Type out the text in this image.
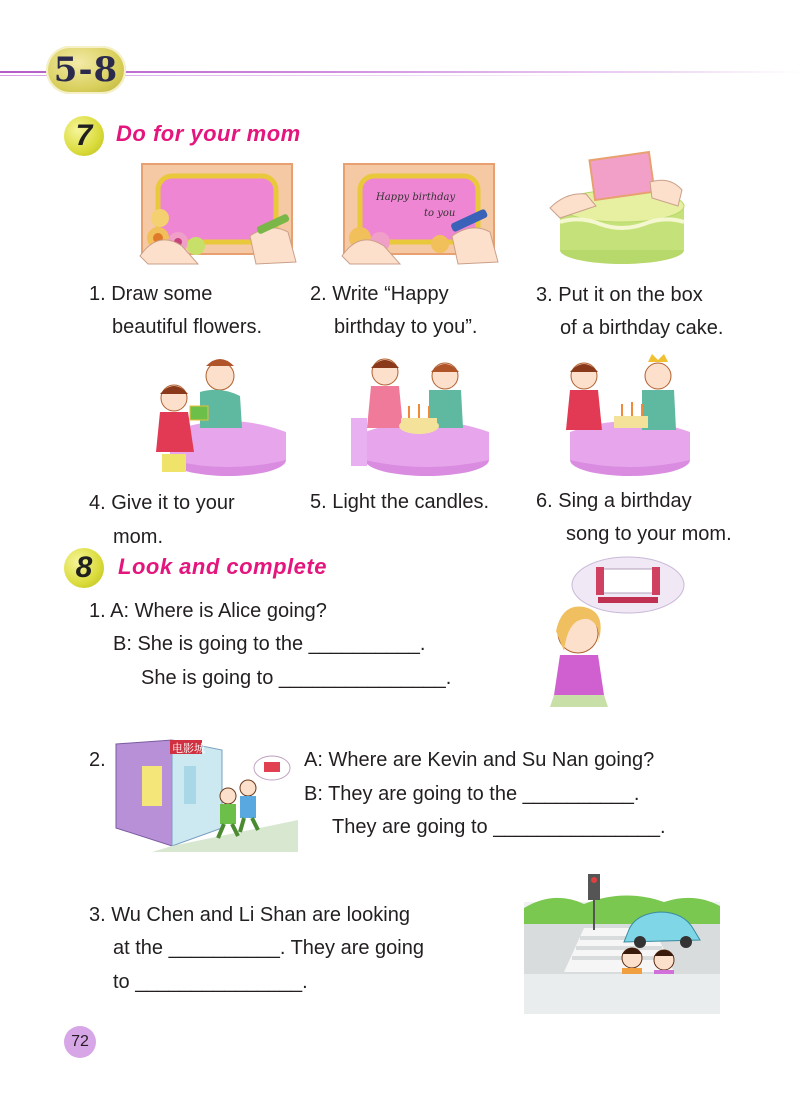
5-8
7	Do for your mom
Happy birthday
to you
1. Draw some
beautiful flowers.
2. Write “Happy
birthday to you”.
3. Put it on the box
of a birthday cake.
4. Give it to your
mom.
5. Light the candles. 6. Sing a birthday
song to your mom.
8	Look and complete
1. A: Where is Alice going?
B: She is going to the __________.
She is going to _______________.
2.
电影城
A: Where are Kevin and Su Nan going?
B: They are going to the __________.
They are going to _______________.
3. Wu Chen and Li Shan are looking
at the __________. They are going
to _______________.
72
